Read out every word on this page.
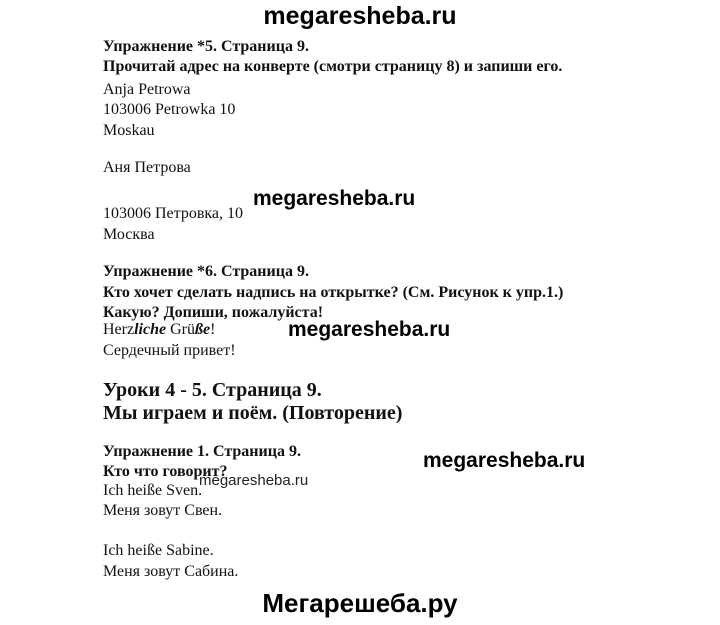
megaresheba.ru
Упражнение *5. Страница 9.
Прочитай адрес на конверте (смотри страницу 8) и запиши его.
Anja Petrowa
103006 Petrowka 10
Moskau
Аня Петрова
megaresheba.ru
103006 Петровка, 10
Москва
Упражнение *6. Страница 9.
Кто хочет сделать надпись на открытке? (См. Рисунок к упр.1.)
Какую? Допиши, пожалуйста!
Herzliche Grüße!	megaresheba.ru
Сердечный привет!
Уроки 4 - 5. Страница 9.
Мы играем и поём. (Повторение)
Упражнение 1. Страница 9.	megaresheba.ru
Кто что говорит?
Ich heiße Sven.
megaresheba.ru
Меня зовут Свен.
Ich heiße Sabine.
Меня зовут Сабина.
Мегарешеба.ру
